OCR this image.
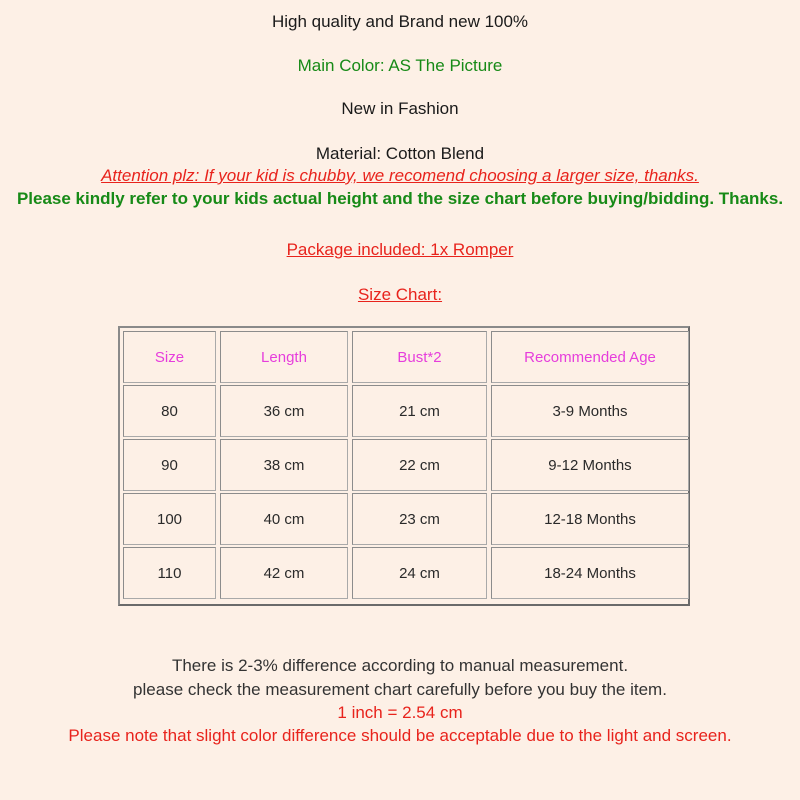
High quality and Brand new 100%
Main Color: AS The Picture
New in Fashion
Material: Cotton Blend
Attention plz: If your kid is chubby, we recomend choosing a larger size, thanks.
Please kindly refer to your kids actual height and the size chart before buying/bidding. Thanks.
Package included: 1x Romper
Size Chart:
Size	Length	Bust*2	Recommended Age
80	36 cm	21 cm	3-9 Months
90	38 cm	22 cm	9-12 Months
100	40 cm	23 cm	12-18 Months
110	42 cm	24 cm	18-24 Months
There is 2-3% difference according to manual measurement.
please check the measurement chart carefully before you buy the item.
1 inch = 2.54 cm
Please note that slight color difference should be acceptable due to the light and screen.
